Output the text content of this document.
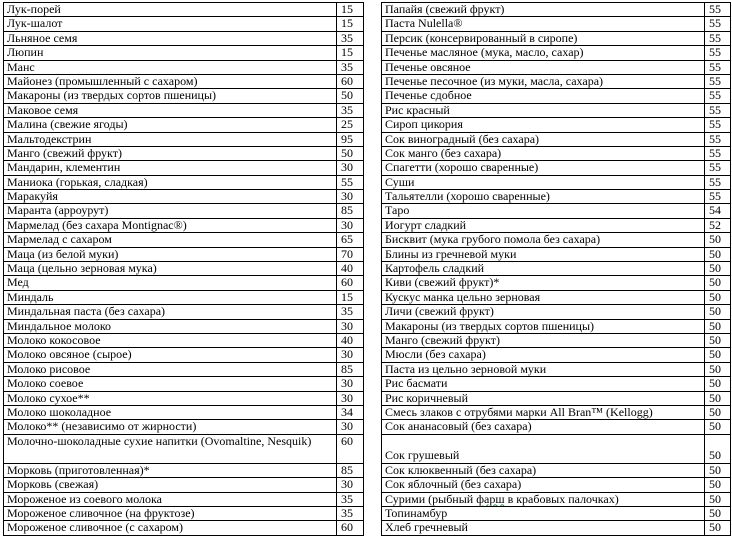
Лук-порей	15
Лук-шалот	15
Льняное семя	35
Люпин	15
Манс	35
Майонез (промышленный с сахаром)	60
Макароны (из твердых сортов пшеницы)	50
Маковое семя	35
Малина (свежие ягоды)	25
Мальтодекстрин	95
Манго (свежий фрукт)	50
Мандарин, клементин	30
Маниока (горькая, сладкая)	55
Маракуйя	30
Маранта (арроурут)	85
Мармелад (без сахара Montignac®)	30
Мармелад с сахаром	65
Маца (из белой муки)	70
Маца (цельно зерновая мука)	40
Мед	60
Миндаль	15
Миндальная паста (без сахара)	35
Миндальное молоко	30
Молоко кокосовое	40
Молоко овсяное (сырое)	30
Молоко рисовое	85
Молоко соевое	30
Молоко сухое**	30
Молоко шоколадное	34
Молоко** (независимо от жирности)	30
Молочно-шоколадные сухие напитки (Ovomaltine, Nesquik)	60
Морковь (приготовленная)*	85
Морковь (свежая)	30
Мороженое из соевого молока	35
Мороженое сливочное (на фруктозе)	35
Мороженое сливочное (с сахаром)	60
Папайя (свежий фрукт)	55
Паста Nulella®	55
Персик (консервированный в сиропе)	55
Печенье масляное (мука, масло, сахар)	55
Печенье овсяное	55
Печенье песочное (из муки, масла, сахара)	55
Печенье сдобное	55
Рис красный	55
Сироп цикория	55
Сок виноградный (без сахара)	55
Сок манго (без сахара)	55
Спагетти (хорошо сваренные)	55
Суши	55
Тальятелли (хорошо сваренные)	55
Таро	54
Иогурт сладкий	52
Бисквит (мука грубого помола без сахара)	50
Блины из гречневой муки	50
Картофель сладкий	50
Киви (свежий фрукт)*	50
Кускус манка цельно зерновая	50
Личи (свежий фрукт)	50
Макароны (из твердых сортов пшеницы)	50
Манго (свежий фрукт)	50
Мюсли (без сахара)	50
Паста из цельно зерновой муки	50
Рис басмати	50
Рис коричневый	50
Смесь злаков с отрубями марки All Bran™ (Kellogg)	50
Сок ананасовый (без сахара)	50
Сок грушевый	50
Сок клюквенный (без сахара)	50
Сок яблочный (без сахара)	50
Сурими (рыбный фарш в крабовых палочках)	50
Топинамбур	50
Хлеб гречневый	50
